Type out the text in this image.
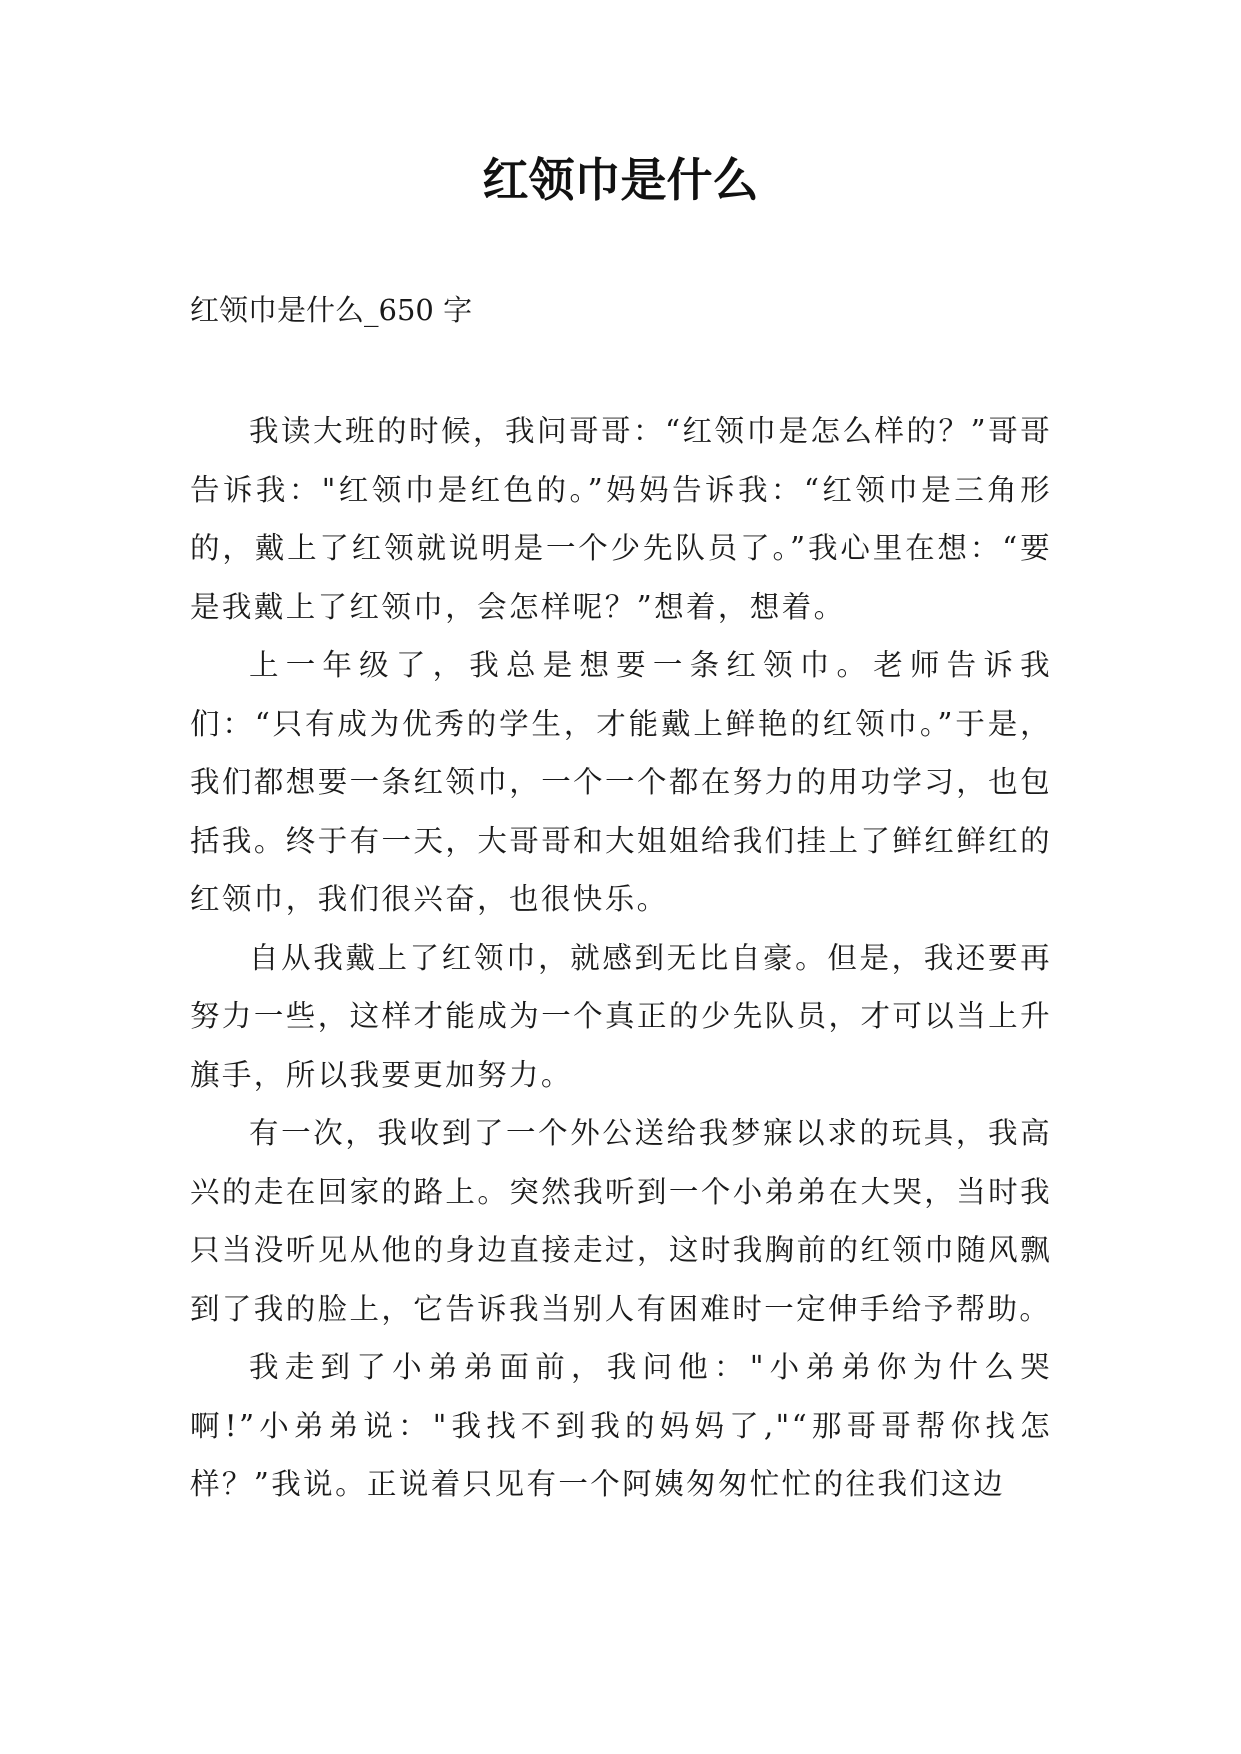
红领巾是什么

红领巾是什么_650 字

我读大班的时候，我问哥哥：“红领巾是怎么样的？”哥哥告诉我："红领巾是红色的。”妈妈告诉我：“红领巾是三角形的，戴上了红领就说明是一个少先队员了。”我心里在想：“要是我戴上了红领巾，会怎样呢？”想着，想着。

上一年级了，我总是想要一条红领巾。老师告诉我们：“只有成为优秀的学生，才能戴上鲜艳的红领巾。”于是，我们都想要一条红领巾，一个一个都在努力的用功学习，也包括我。终于有一天，大哥哥和大姐姐给我们挂上了鲜红鲜红的红领巾，我们很兴奋，也很快乐。

自从我戴上了红领巾，就感到无比自豪。但是，我还要再努力一些，这样才能成为一个真正的少先队员，才可以当上升旗手，所以我要更加努力。

有一次，我收到了一个外公送给我梦寐以求的玩具，我高兴的走在回家的路上。突然我听到一个小弟弟在大哭，当时我只当没听见从他的身边直接走过，这时我胸前的红领巾随风飘到了我的脸上，它告诉我当别人有困难时一定伸手给予帮助。

我走到了小弟弟面前，我问他："小弟弟你为什么哭啊!”小弟弟说："我找不到我的妈妈了,"“那哥哥帮你找怎样？”我说。正说着只见有一个阿姨匆匆忙忙的往我们这边
